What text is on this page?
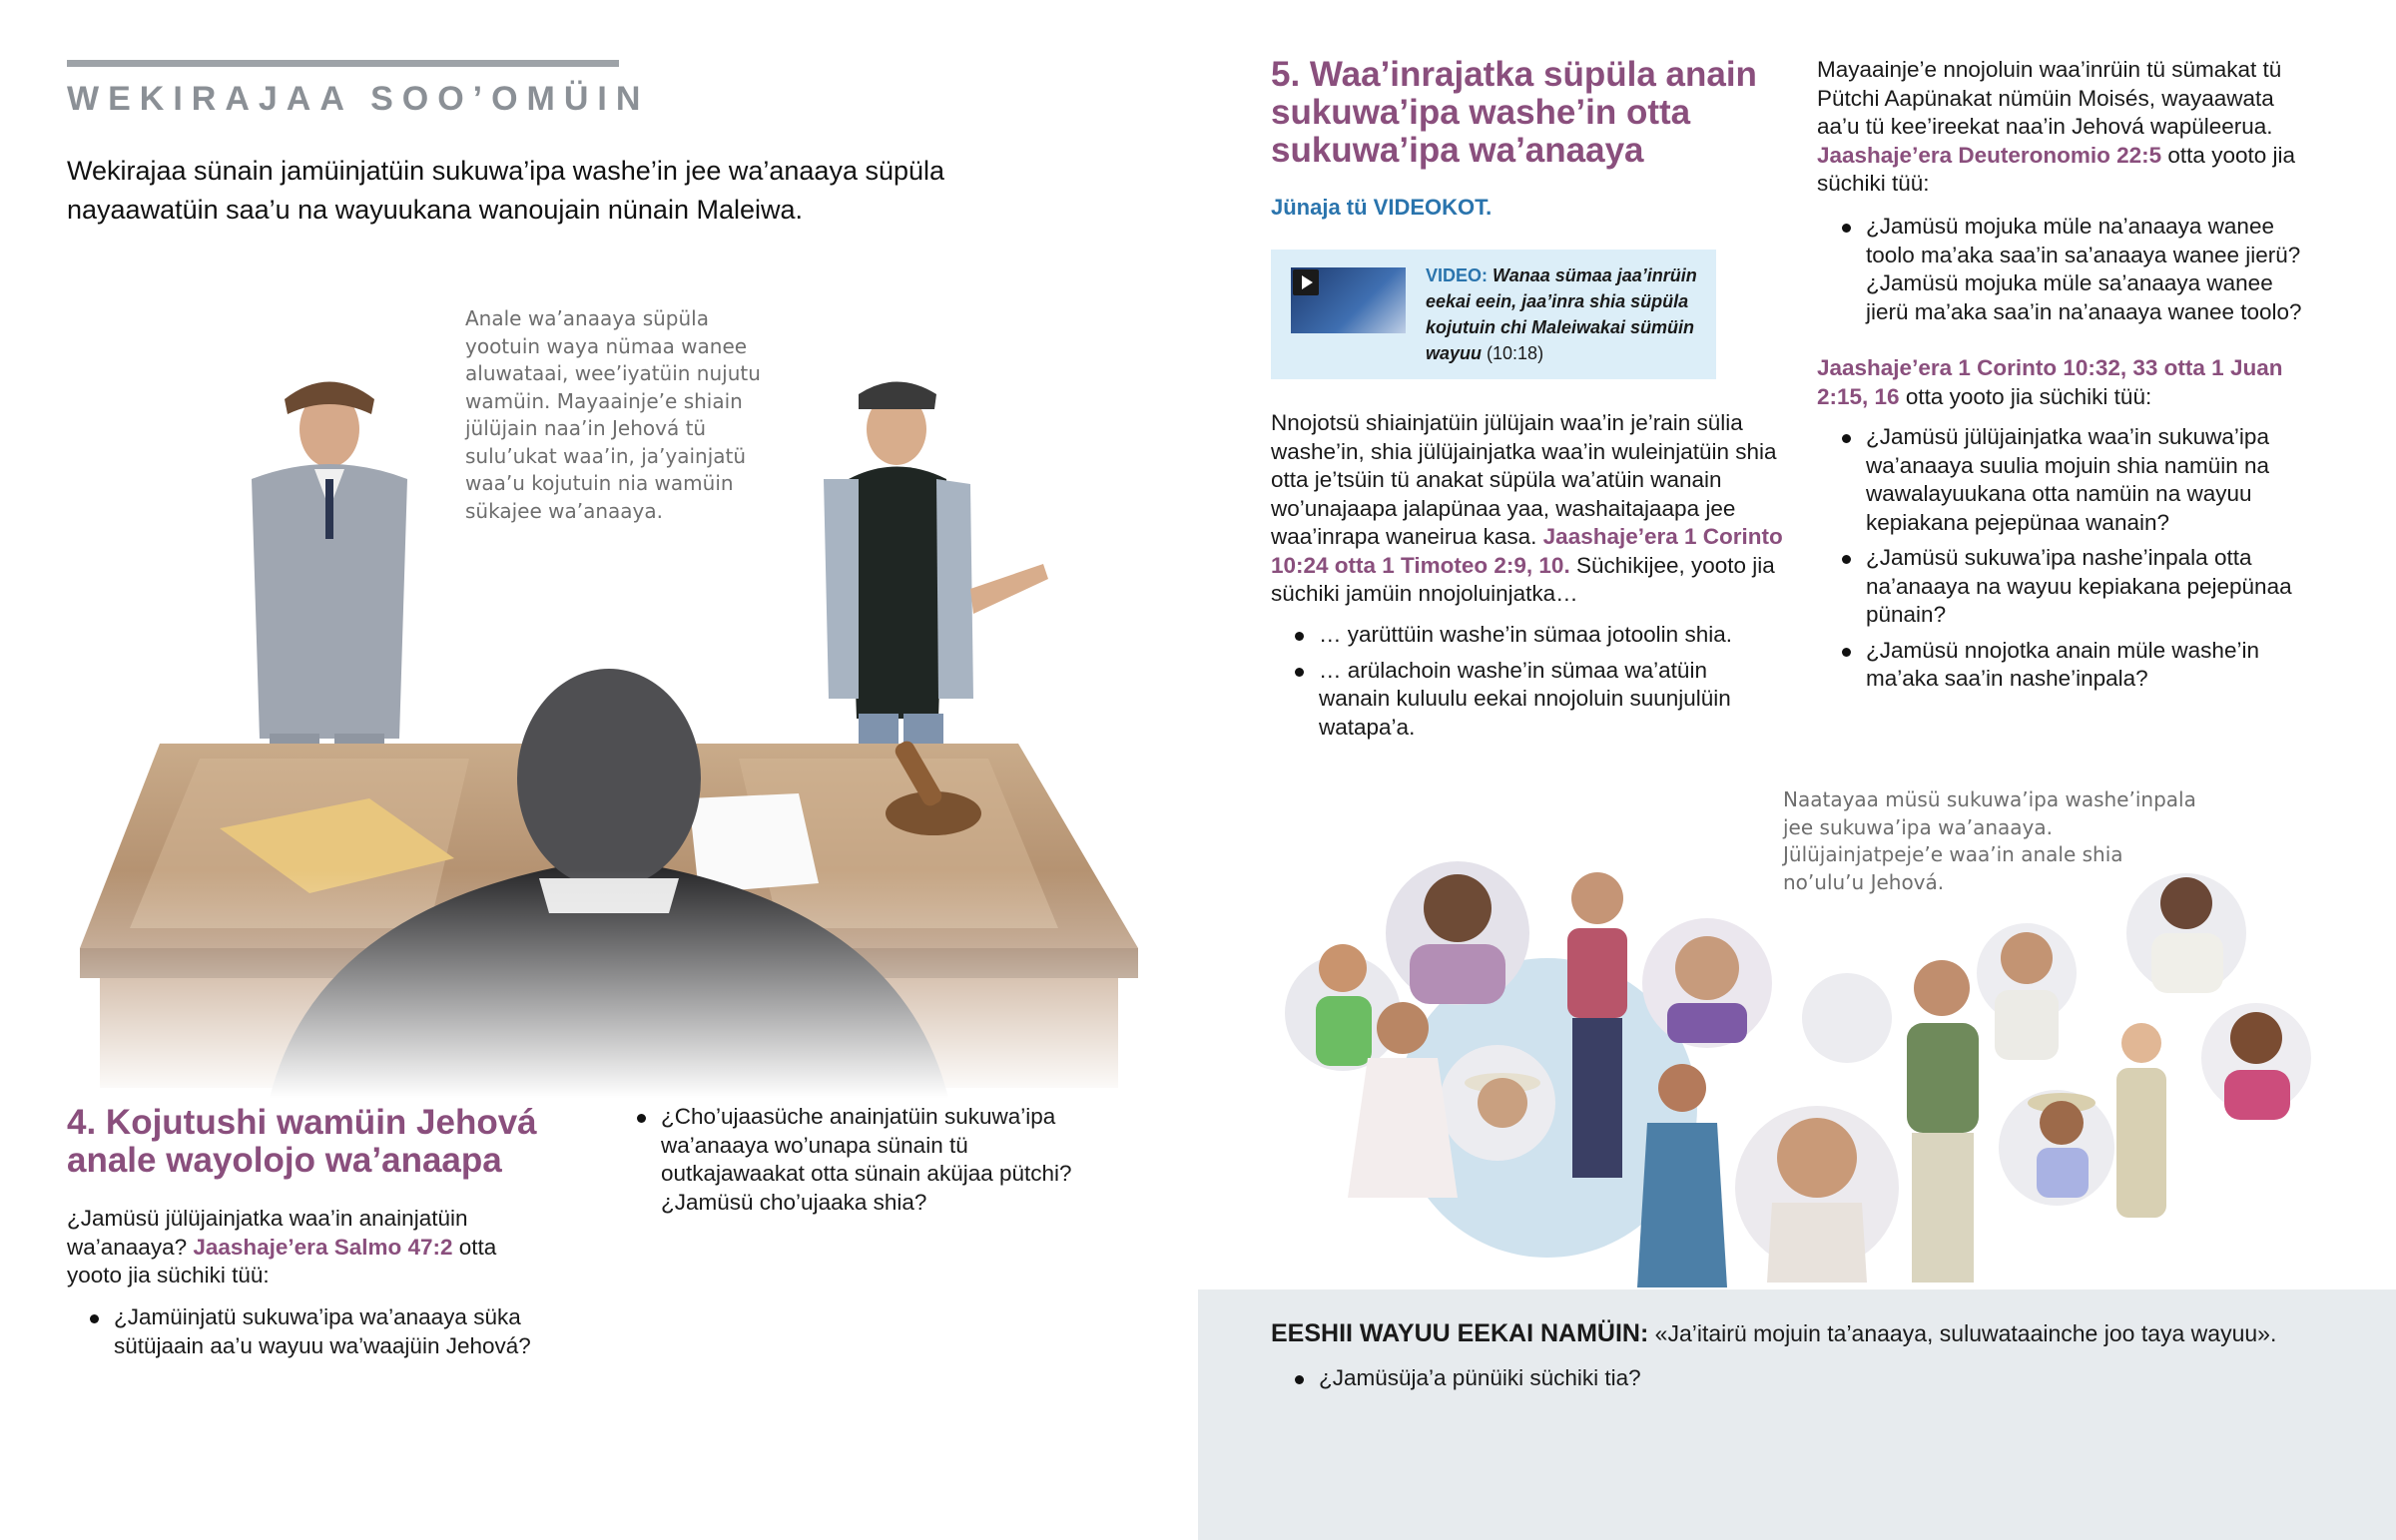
WEKIRAJAA SOO’OMÜIN
Wekirajaa sünain jamüinjatüin sukuwa’ipa washe’in jee wa’anaaya süpüla nayaawatüin saa’u na wayuukana wanoujain nünain Maleiwa.
Anale wa’anaaya süpüla yootuin waya nümaa wanee aluwataai, wee’iyatüin nujutu wamüin. Mayaainje’e shiain jülüjain naa’in Jehová tü sulu’ukat waa’in, ja’yainjatü waa’u kojutuin nia wamüin sükajee wa’anaaya.
4. Kojutushi wamüin Jehová anale wayolojo wa’anaapa
¿Jamüsü jülüjainjatka waa’in anainjatüin wa’anaaya? Jaashaje’era Salmo 47:2 otta yooto jia süchiki tüü:
¿Jamüinjatü sukuwa’ipa wa’anaaya süka sütüjaain aa’u wayuu wa’waajüin Jehová?
¿Cho’ujaasüche anainjatüin sukuwa’ipa wa’anaaya wo’unapa sünain tü outkajawaakat otta sünain aküjaa pütchi? ¿Jamüsü cho’ujaaka shia?
5. Waa’inrajatka süpüla anain sukuwa’ipa washe’in otta sukuwa’ipa wa’anaaya
Jünaja tü VIDEOKOT.
VIDEO: Wanaa sümaa jaa’inrüin eekai eein, jaa’inra shia süpüla kojutuin chi Maleiwakai sümüin wayuu (10:18)
Nnojotsü shiainjatüin jülüjain waa’in je’rain sülia washe’in, shia jülüjainjatka waa’in wuleinjatüin shia otta je’tsüin tü anakat süpüla wa’atüin wanain wo’unajaapa jalapünaa yaa, washaitajaapa jee waa’inrapa waneirua kasa. Jaashaje’era 1 Corinto 10:24 otta 1 Timoteo 2:9, 10. Süchikijee, yooto jia süchiki jamüin nnojoluinjatka…
… yarüttüin washe’in sümaa jotoolin shia.
… arülachoin washe’in sümaa wa’atüin wanain kuluulu eekai nnojoluin suunjulüin watapa’a.
Mayaainje’e nnojoluin waa’inrüin tü sümakat tü Pütchi Aapünakat nümüin Moisés, wayaawata aa’u tü kee’ireekat naa’in Jehová wapüleerua. Jaashaje’era Deuteronomio 22:5 otta yooto jia süchiki tüü:
¿Jamüsü mojuka müle na’anaaya wanee toolo ma’aka saa’in sa’anaaya wanee jierü? ¿Jamüsü mojuka müle sa’anaaya wanee jierü ma’aka saa’in na’anaaya wanee toolo?
Jaashaje’era 1 Corinto 10:32, 33 otta 1 Juan 2:15, 16 otta yooto jia süchiki tüü:
¿Jamüsü jülüjainjatka waa’in sukuwa’ipa wa’anaaya suulia mojuin shia namüin na wawalayuukana otta namüin na wayuu kepiakana pejepünaa wanain?
¿Jamüsü sukuwa’ipa nashe’inpala otta na’anaaya na wayuu kepiakana pejepünaa pünain?
¿Jamüsü nnojotka anain müle washe’in ma’aka saa’in nashe’inpala?
Naatayaa müsü sukuwa’ipa washe’inpala jee sukuwa’ipa wa’anaaya. Jülüjainjatpeje’e waa’in anale shia no’ulu’u Jehová.
EESHII WAYUU EEKAI NAMÜIN: «Ja’itairü mojuin ta’anaaya, suluwataainche joo taya wayuu».
¿Jamüsüja’a pünüiki süchiki tia?
